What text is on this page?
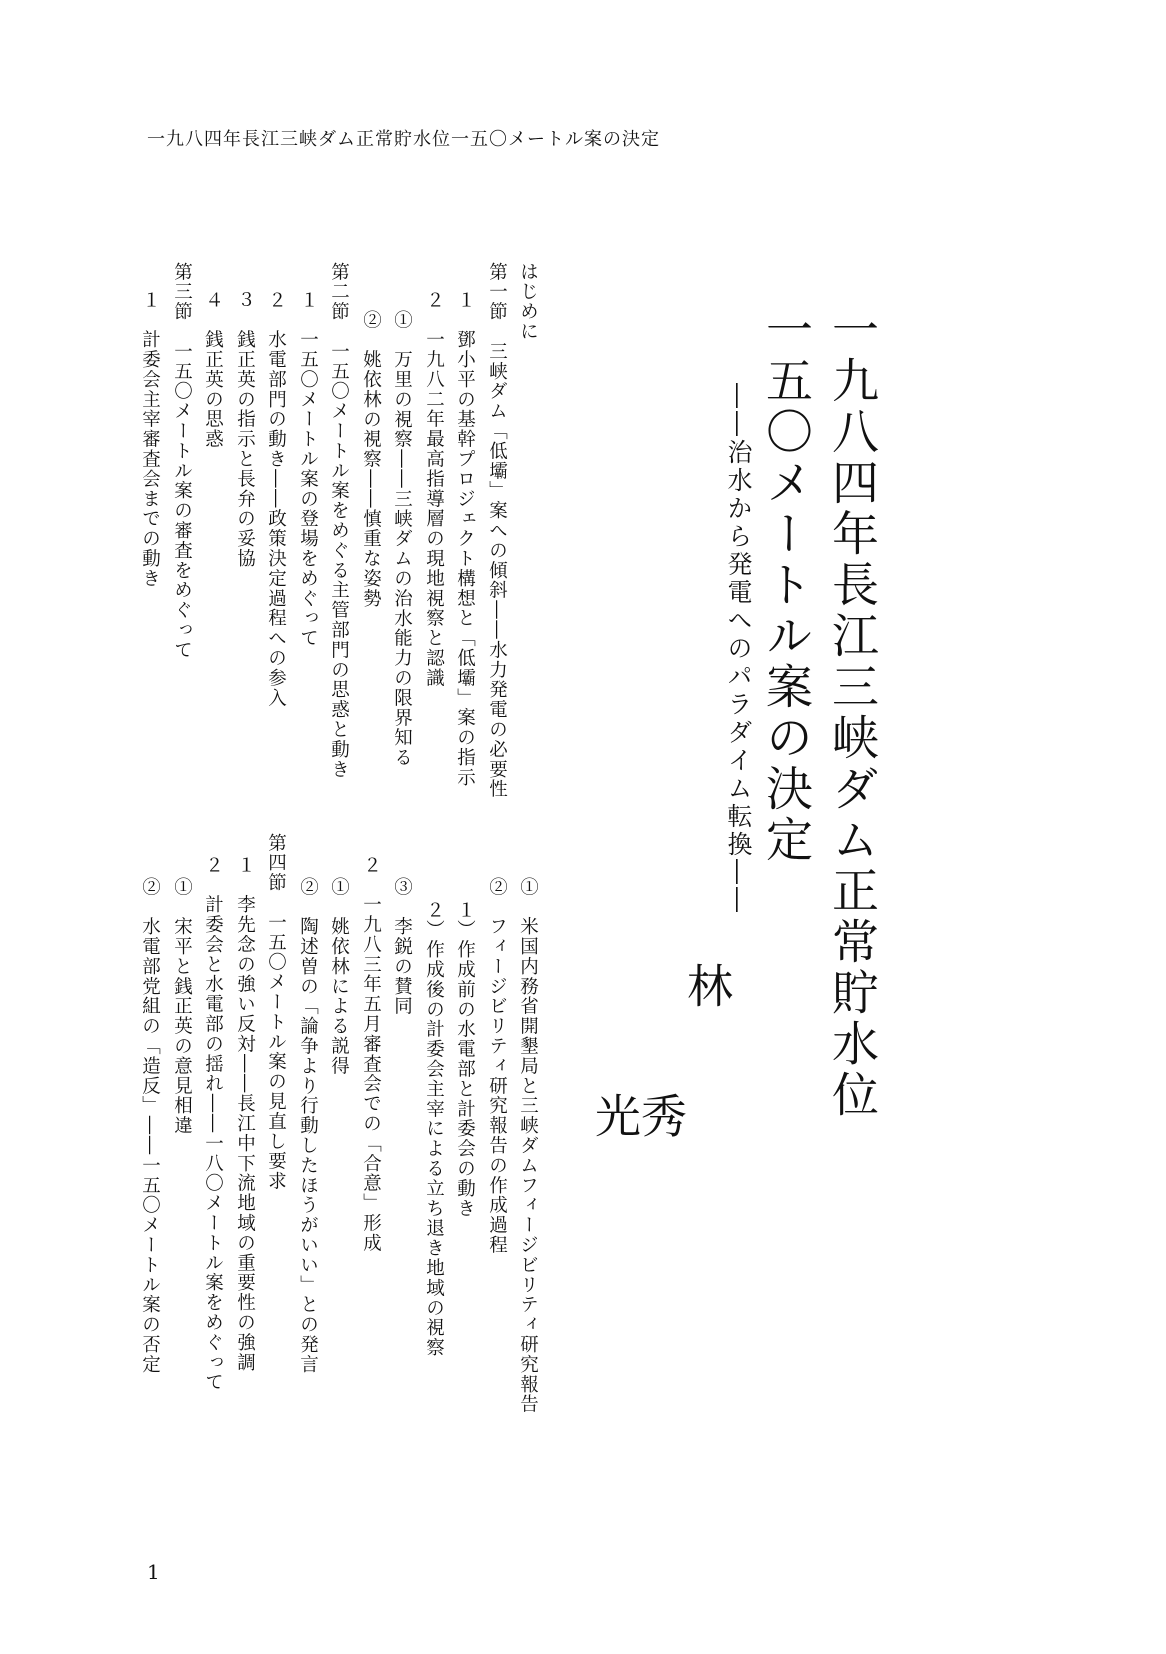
一九八四年長江三峡ダム正常貯水位一五〇メートル案の決定
一九八四年長江三峡ダム正常貯水位
一五〇メートル案の決定
――治水から発電へのパラダイム転換――
林
秀
光
はじめに
第一節　三峡ダム「低壩」案への傾斜――水力発電の必要性
１　鄧小平の基幹プロジェクト構想と「低壩」案の指示
２　一九八二年最高指導層の現地視察と認識
①　万里の視察――三峡ダムの治水能力の限界知る
②　姚依林の視察――慎重な姿勢
第二節　一五〇メートル案をめぐる主管部門の思惑と動き
１　一五〇メートル案の登場をめぐって
２　水電部門の動き――政策決定過程への参入
３　銭正英の指示と長弁の妥協
４　銭正英の思惑
第三節　一五〇メートル案の審査をめぐって
１　計委会主宰審査会までの動き
①　米国内務省開墾局と三峡ダムフィージビリティ研究報告
②　フィージビリティ研究報告の作成過程
１）作成前の水電部と計委会の動き
２）作成後の計委会主宰による立ち退き地域の視察
③　李鋭の賛同
２　一九八三年五月審査会での「合意」形成
①　姚依林による説得
②　陶述曽の「論争より行動したほうがいい」との発言
第四節　一五〇メートル案の見直し要求
１　李先念の強い反対――長江中下流地域の重要性の強調
２　計委会と水電部の揺れ――一八〇メートル案をめぐって
①　宋平と銭正英の意見相違
②　水電部党組の「造反」――一五〇メートル案の否定
1
